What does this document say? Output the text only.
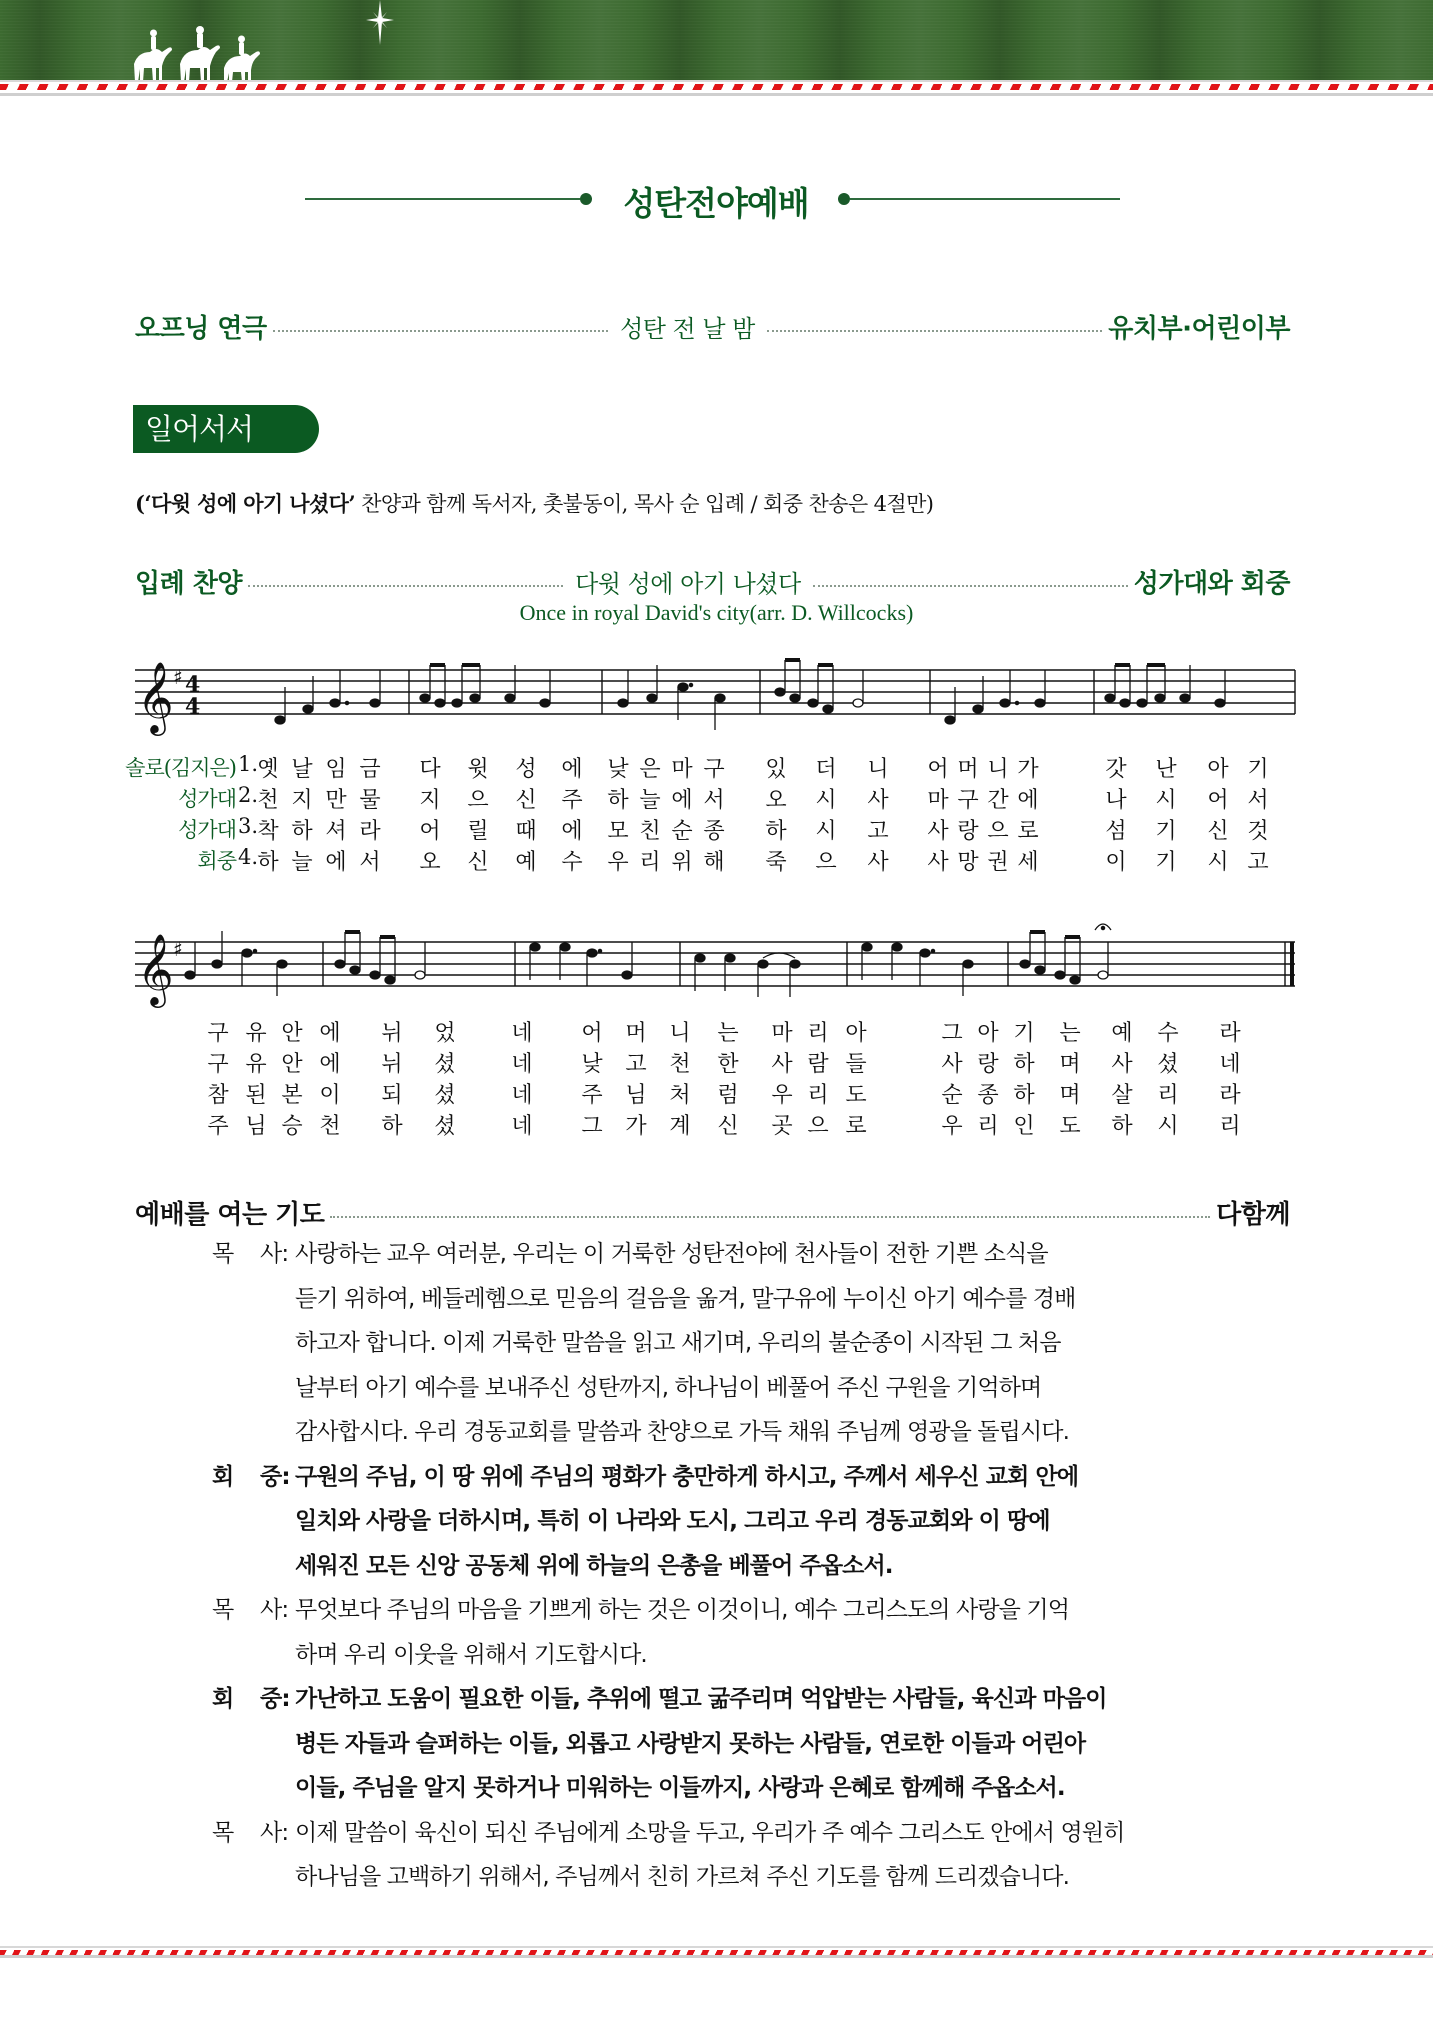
성탄전야예배
오프닝 연극	성탄 전 날 밤	유치부·어린이부
일어서서
(‘다윗 성에 아기 나셨다’ 찬양과 함께 독서자, 촛불동이, 목사 순 입례 / 회중 찬송은 4절만)
입례 찬양	다윗 성에 아기 나셨다	성가대와 회중
Once in royal David's city(arr. D. Willcocks)
𝄞 ♯ 4
4
솔로(김지은) 1. 옛 날 임 금 다 윗 성 에 낮 은 마 구 있 더 니 어 머 니 가	갓 난 아 기
성가대 2. 천 지 만 물 지 으 신 주 하 늘 에 서 오 시 사 마 구 간 에	나 시 어 서
성가대 3. 착 하 셔 라 어 릴 때 에 모 친 순 종 하 시 고 사 랑 으 로	섬 기 신 것
회중 4. 하 늘 에 서 오 신 예 수 우 리 위 해 죽 으 사 사 망 권 세	이 기 시 고
𝄞 ♯
구 유 안 에 뉘 었	네 어 머 니 는 마 리 아	그 아 기 는 예 수 라
구 유 안 에 뉘 셨	네 낮 고 천 한 사 람 들	사 랑 하 며 사 셨 네
참 된 본 이 되 셨	네 주 님 처 럼 우 리 도	순 종 하 며 살 리 라
주 님 승 천 하 셨	네 그 가 계 신 곳 으 로	우 리 인 도 하 시 리
예배를 여는 기도	다함께
목 사: 사랑하는 교우 여러분, 우리는 이 거룩한 성탄전야에 천사들이 전한 기쁜 소식을
듣기 위하여, 베들레헴으로 믿음의 걸음을 옮겨, 말구유에 누이신 아기 예수를 경배
하고자 합니다. 이제 거룩한 말씀을 읽고 새기며, 우리의 불순종이 시작된 그 처음
날부터 아기 예수를 보내주신 성탄까지, 하나님이 베풀어 주신 구원을 기억하며
감사합시다. 우리 경동교회를 말씀과 찬양으로 가득 채워 주님께 영광을 돌립시다.
회 중: 구원의 주님, 이 땅 위에 주님의 평화가 충만하게 하시고, 주께서 세우신 교회 안에
일치와 사랑을 더하시며, 특히 이 나라와 도시, 그리고 우리 경동교회와 이 땅에
세워진 모든 신앙 공동체 위에 하늘의 은총을 베풀어 주옵소서.
목 사: 무엇보다 주님의 마음을 기쁘게 하는 것은 이것이니, 예수 그리스도의 사랑을 기억
하며 우리 이웃을 위해서 기도합시다.
회 중: 가난하고 도움이 필요한 이들, 추위에 떨고 굶주리며 억압받는 사람들, 육신과 마음이
병든 자들과 슬퍼하는 이들, 외롭고 사랑받지 못하는 사람들, 연로한 이들과 어린아
이들, 주님을 알지 못하거나 미워하는 이들까지, 사랑과 은혜로 함께해 주옵소서.
목 사: 이제 말씀이 육신이 되신 주님에게 소망을 두고, 우리가 주 예수 그리스도 안에서 영원히
하나님을 고백하기 위해서, 주님께서 친히 가르쳐 주신 기도를 함께 드리겠습니다.
